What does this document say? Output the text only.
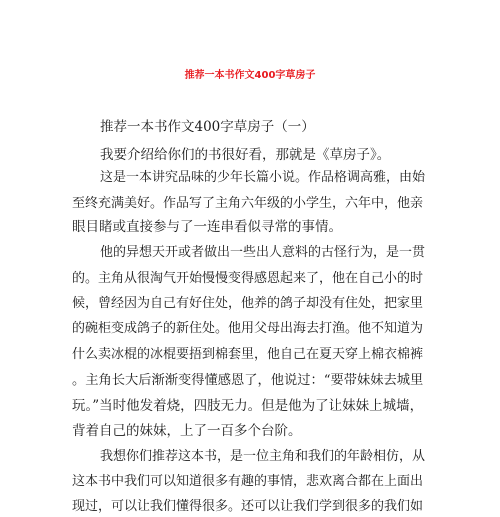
推荐一本书作文400字草房子
推荐一本书作文400字草房子（一）
我要介绍给你们的书很好看，那就是《草房子》。
这是一本讲究品味的少年长篇小说。作品格调高雅，由始
至终充满美好。作品写了主角六年级的小学生，六年中，他亲
眼目睹或直接参与了一连串看似寻常的事情。
他的异想天开或者做出一些出人意料的古怪行为，是一贯
的。主角从很淘气开始慢慢变得感恩起来了，他在自己小的时
候，曾经因为自己有好住处，他养的鸽子却没有住处，把家里
的碗柜变成鸽子的新住处。他用父母出海去打渔。他不知道为
什么卖冰棍的冰棍要捂到棉套里，他自己在夏天穿上棉衣棉裤
。主角长大后渐渐变得懂感恩了，他说过：“要带妹妹去城里
玩。”当时他发着烧，四肢无力。但是他为了让妹妹上城墙，
背着自己的妹妹，上了一百多个台阶。
我想你们推荐这本书，是一位主角和我们的年龄相仿，从
这本书中我们可以知道很多有趣的事情，悲欢离合都在上面出
现过，可以让我们懂得很多。还可以让我们学到很多的我们如
